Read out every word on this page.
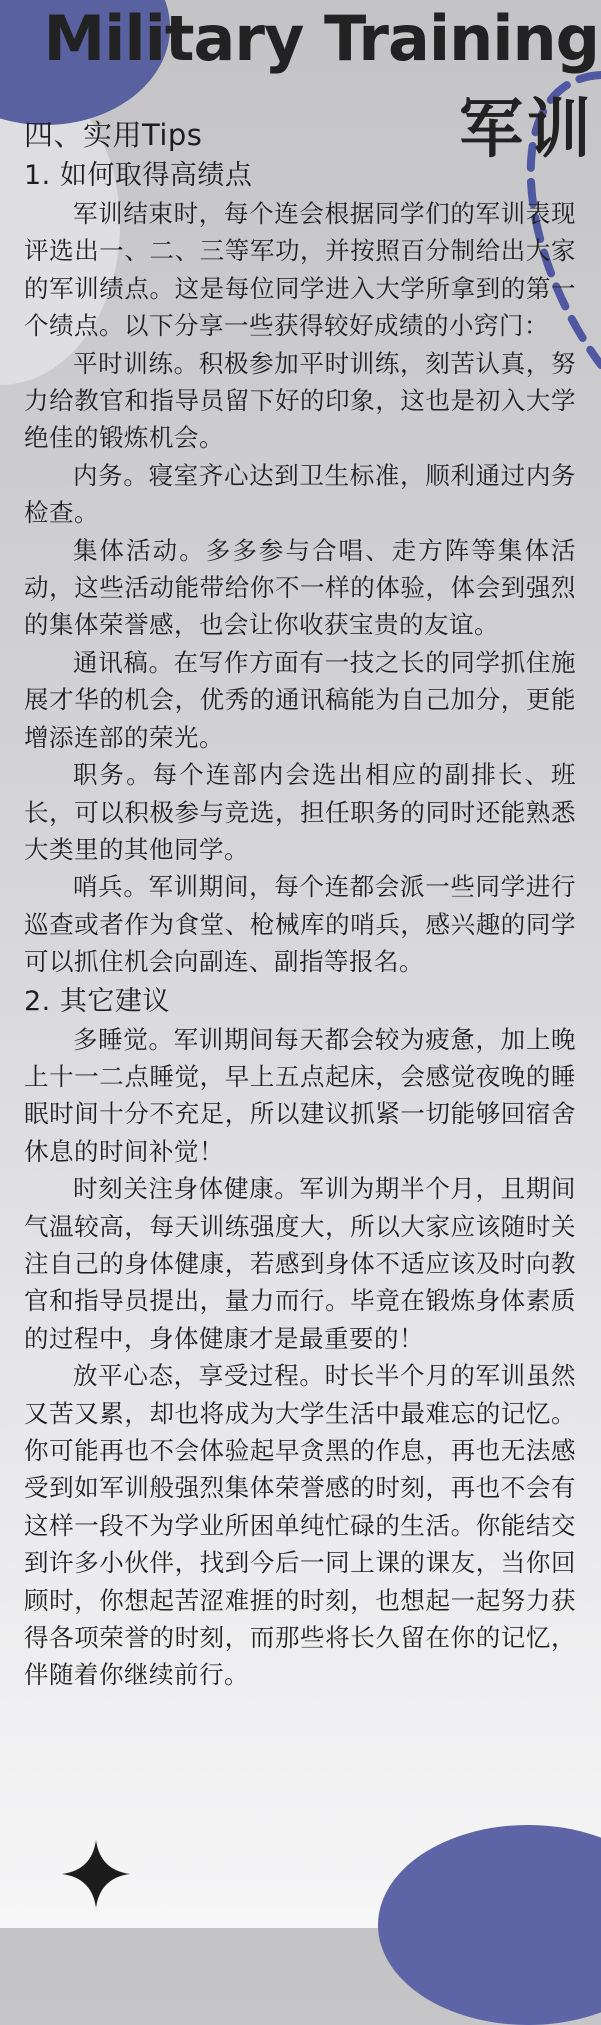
Military Training
军训
四、实用Tips
1. 如何取得高绩点

军训结束时，每个连会根据同学们的军训表现评选出一、二、三等军功，并按照百分制给出大家的军训绩点。这是每位同学进入大学所拿到的第一个绩点。以下分享一些获得较好成绩的小窍门：

平时训练。积极参加平时训练，刻苦认真，努力给教官和指导员留下好的印象，这也是初入大学绝佳的锻炼机会。

内务。寝室齐心达到卫生标准，顺利通过内务检查。

集体活动。多多参与合唱、走方阵等集体活动，这些活动能带给你不一样的体验，体会到强烈的集体荣誉感，也会让你收获宝贵的友谊。

通讯稿。在写作方面有一技之长的同学抓住施展才华的机会，优秀的通讯稿能为自己加分，更能增添连部的荣光。

职务。每个连部内会选出相应的副排长、班长，可以积极参与竞选，担任职务的同时还能熟悉大类里的其他同学。

哨兵。军训期间，每个连都会派一些同学进行巡查或者作为食堂、枪械库的哨兵，感兴趣的同学可以抓住机会向副连、副指等报名。

2. 其它建议

多睡觉。军训期间每天都会较为疲惫，加上晚上十一二点睡觉，早上五点起床，会感觉夜晚的睡眠时间十分不充足，所以建议抓紧一切能够回宿舍休息的时间补觉！

时刻关注身体健康。军训为期半个月，且期间气温较高，每天训练强度大，所以大家应该随时关注自己的身体健康，若感到身体不适应该及时向教官和指导员提出，量力而行。毕竟在锻炼身体素质的过程中，身体健康才是最重要的！

放平心态，享受过程。时长半个月的军训虽然又苦又累，却也将成为大学生活中最难忘的记忆。你可能再也不会体验起早贪黑的作息，再也无法感受到如军训般强烈集体荣誉感的时刻，再也不会有这样一段不为学业所困单纯忙碌的生活。你能结交到许多小伙伴，找到今后一同上课的课友，当你回顾时，你想起苦涩难捱的时刻，也想起一起努力获得各项荣誉的时刻，而那些将长久留在你的记忆，伴随着你继续前行。
